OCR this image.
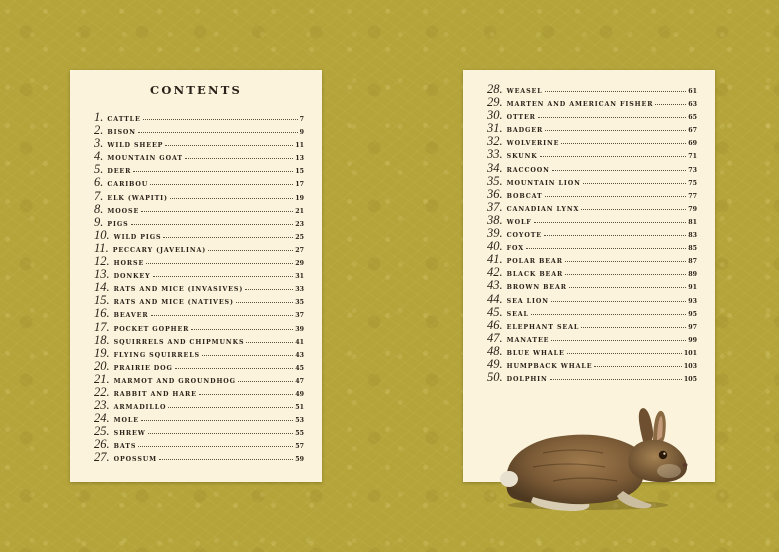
CONTENTS
1. CATTLE	7
2. BISON	9
3. WILD SHEEP	11
4. MOUNTAIN GOAT	13
5. DEER	15
6. CARIBOU	17
7. ELK (WAPITI)	19
8. MOOSE	21
9. PIGS	23
10. WILD PIGS	25
11. PECCARY (JAVELINA)	27
12. HORSE	29
13. DONKEY	31
14. RATS AND MICE (INVASIVES)	33
15. RATS AND MICE (NATIVES)	35
16. BEAVER	37
17. POCKET GOPHER	39
18. SQUIRRELS AND CHIPMUNKS	41
19. FLYING SQUIRRELS	43
20. PRAIRIE DOG	45
21. MARMOT AND GROUNDHOG	47
22. RABBIT AND HARE	49
23. ARMADILLO	51
24. MOLE	53
25. SHREW	55
26. BATS	57
27. OPOSSUM	59
28. WEASEL	61
29. MARTEN AND AMERICAN FISHER	63
30. OTTER	65
31. BADGER	67
32. WOLVERINE	69
33. SKUNK	71
34. RACCOON	73
35. MOUNTAIN LION	75
36. BOBCAT	77
37. CANADIAN LYNX	79
38. WOLF	81
39. COYOTE	83
40. FOX	85
41. POLAR BEAR	87
42. BLACK BEAR	89
43. BROWN BEAR	91
44. SEA LION	93
45. SEAL	95
46. ELEPHANT SEAL	97
47. MANATEE	99
48. BLUE WHALE	101
49. HUMPBACK WHALE	103
50. DOLPHIN	105
